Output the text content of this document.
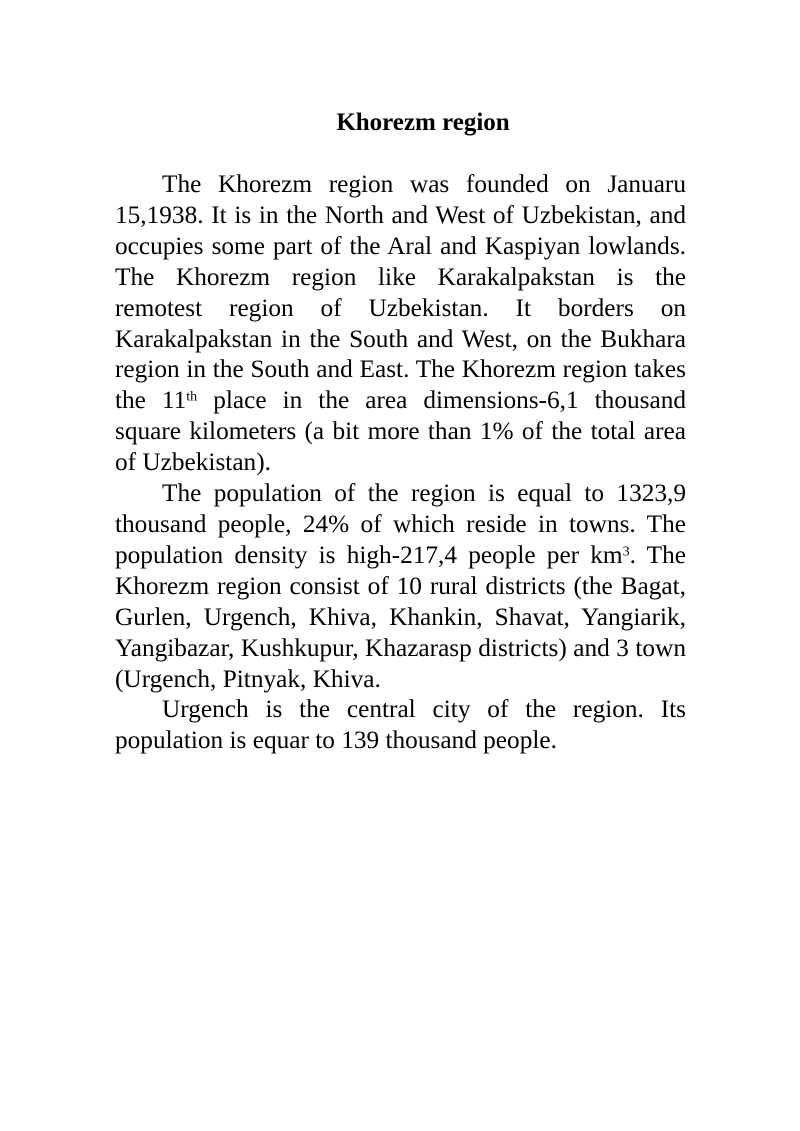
Khorezm region

The Khorezm region was founded on Januaru 15,1938. It is in the North and West of Uzbekistan, and occupies some part of the Aral and Kaspiyan lowlands. The Khorezm region like Karakalpakstan is the remotest region of Uzbekistan. It borders on Karakalpakstan in the South and West, on the Bukhara region in the South and East. The Khorezm region takes the 11th place in the area dimensions-6,1 thousand square kilometers (a bit more than 1% of the total area of Uzbekistan).

The population of the region is equal to 1323,9 thousand people, 24% of which reside in towns. The population density is high-217,4 people per $km^3$. The Khorezm region consist of 10 rural districts (the Bagat, Gurlen, Urgench, Khiva, Khankin, Shavat, Yangiarik, Yangibazar, Kushkupur, Khazarasp districts) and 3 town (Urgench, Pitnyak, Khiva.

Urgench is the central city of the region. Its population is equar to 139 thousand people.
